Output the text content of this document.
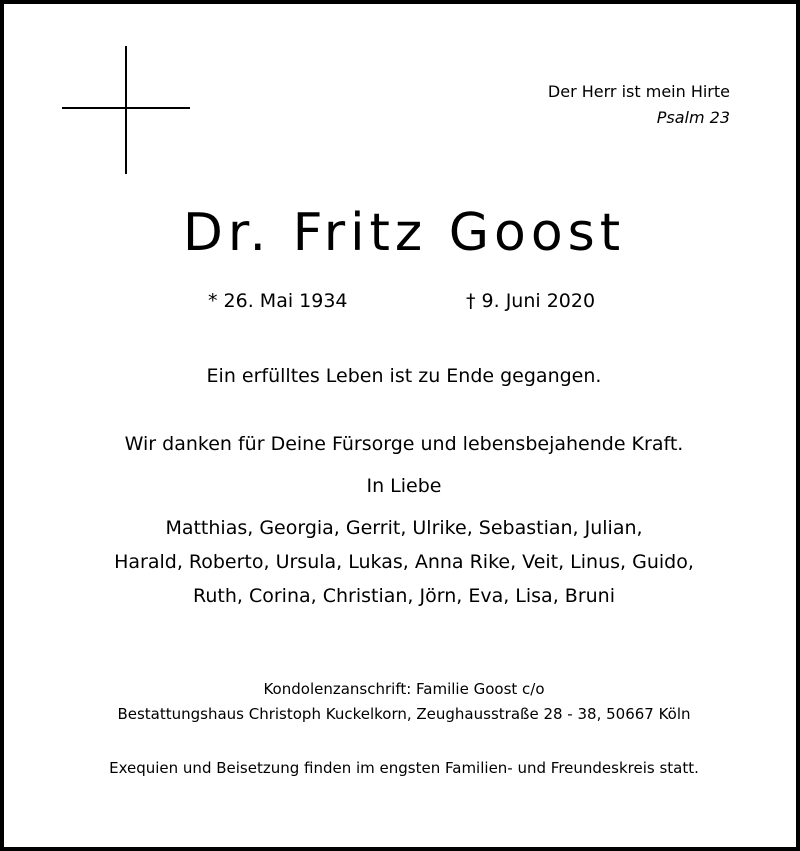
Der Herr ist mein Hirte
Psalm 23
Dr. Fritz Goost
* 26. Mai 1934	† 9. Juni 2020
Ein erfülltes Leben ist zu Ende gegangen.
Wir danken für Deine Fürsorge und lebensbejahende Kraft.
In Liebe
Matthias, Georgia, Gerrit, Ulrike, Sebastian, Julian,
Harald, Roberto, Ursula, Lukas, Anna Rike, Veit, Linus, Guido,
Ruth, Corina, Christian, Jörn, Eva, Lisa, Bruni
Kondolenzanschrift: Familie Goost c/o
Bestattungshaus Christoph Kuckelkorn, Zeughausstraße 28 - 38, 50667 Köln
Exequien und Beisetzung finden im engsten Familien- und Freundeskreis statt.
